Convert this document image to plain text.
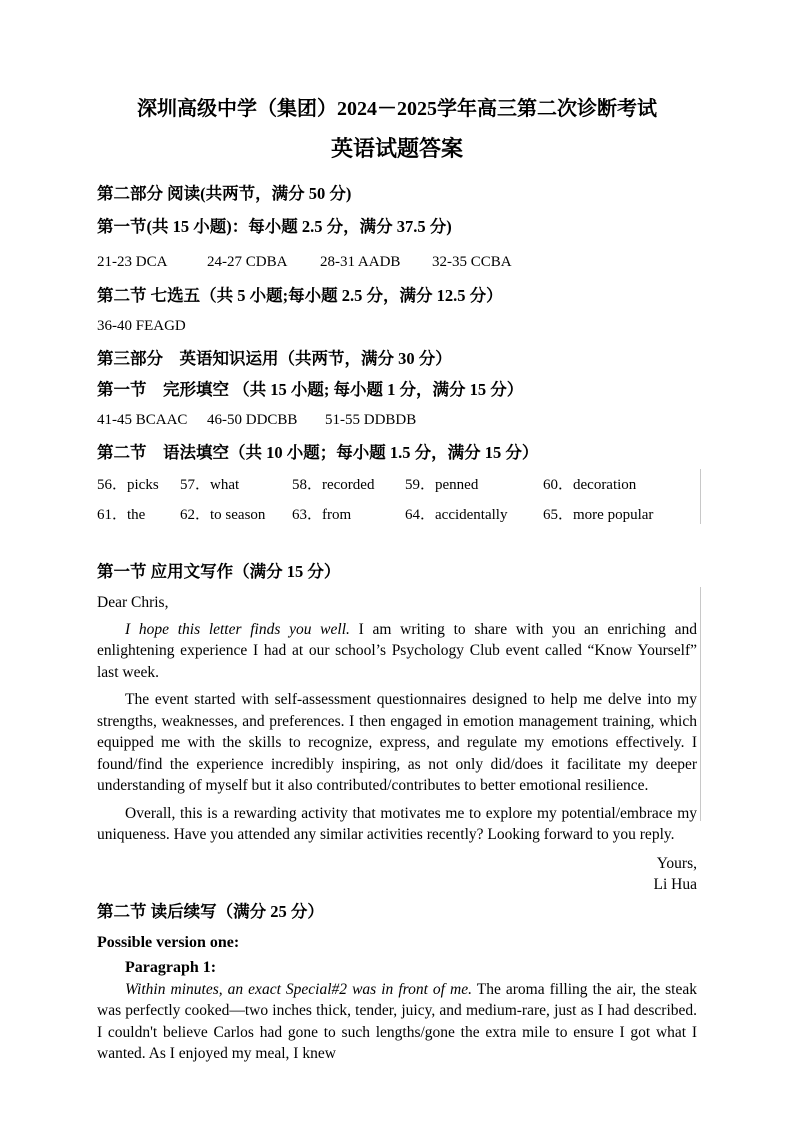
深圳高级中学（集团）2024－2025学年高三第二次诊断考试
英语试题答案
第二部分 阅读(共两节，满分 50 分)
第一节(共 15 小题)：每小题 2.5 分，满分 37.5 分)
21-23 DCA	24-27 CDBA	28-31 AADB	32-35 CCBA
第二节 七选五（共 5 小题;每小题 2.5 分，满分 12.5 分）
36-40 FEAGD
第三部分　英语知识运用（共两节，满分 30 分）
第一节　完形填空 （共 15 小题; 每小题 1 分，满分 15 分）
41-45 BCAAC	46-50 DDCBB	51-55 DDBDB
第二节　语法填空（共 10 小题；每小题 1.5 分，满分 15 分）
56．picks	57．what	58．recorded	59．penned	60．decoration
61．the	62．to season	63．from	64．accidentally	65．more popular
第一节 应用文写作（满分 15 分）
Dear Chris,

I hope this letter finds you well. I am writing to share with you an enriching and enlightening experience I had at our school’s Psychology Club event called “Know Yourself” last week.

The event started with self-assessment questionnaires designed to help me delve into my strengths, weaknesses, and preferences. I then engaged in emotion management training, which equipped me with the skills to recognize, express, and regulate my emotions effectively. I found/find the experience incredibly inspiring, as not only did/does it facilitate my deeper understanding of myself but it also contributed/contributes to better emotional resilience.

Overall, this is a rewarding activity that motivates me to explore my potential/embrace my uniqueness. Have you attended any similar activities recently? Looking forward to you reply.

Yours,
Li Hua
第二节 读后续写（满分 25 分）
Possible version one:
Paragraph 1:

Within minutes, an exact Special#2 was in front of me. The aroma filling the air, the steak was perfectly cooked—two inches thick, tender, juicy, and medium-rare, just as I had described. I couldn't believe Carlos had gone to such lengths/gone the extra mile to ensure I got what I wanted. As I enjoyed my meal, I knew
